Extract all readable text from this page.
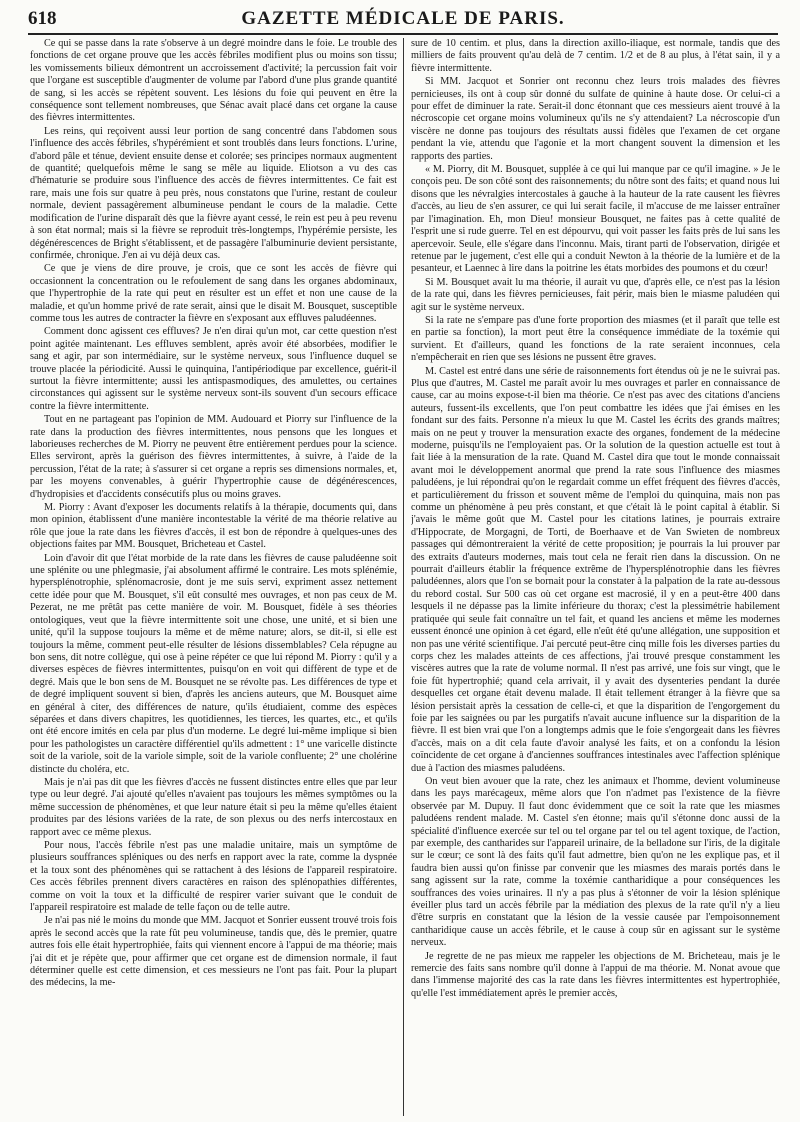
618	GAZETTE MÉDICALE DE PARIS.

Ce qui se passe dans la rate s'observe à un degré moindre dans le foie. Le trouble des fonctions de cet organe prouve que les accès fébriles modifient plus ou moins son tissu; les vomissements bilieux démontrent un accroissement d'activité; la percussion fait voir que l'organe est susceptible d'augmenter de volume par l'abord d'une plus grande quantité de sang, si les accès se répètent souvent. Les lésions du foie qui peuvent en être la conséquence sont tellement nombreuses, que Sénac avait placé dans cet organe la cause des fièvres intermittentes.

Les reins, qui reçoivent aussi leur portion de sang concentré dans l'abdomen sous l'influence des accès fébriles, s'hypérémient et sont troublés dans leurs fonctions. L'urine, d'abord pâle et ténue, devient ensuite dense et colorée; ses principes normaux augmentent de quantité; quelquefois même le sang se mêle au liquide. Eliotson a vu des cas d'hématurie se produire sous l'influence des accès de fièvres intermittentes. Ce fait est rare, mais une fois sur quatre à peu près, nous constatons que l'urine, restant de couleur normale, devient passagèrement albumineuse pendant le cours de la maladie. Cette modification de l'urine disparaît dès que la fièvre ayant cessé, le rein est peu à peu revenu à son état normal; mais si la fièvre se reproduit très-longtemps, l'hypérémie persiste, les dégénérescences de Bright s'établissent, et de passagère l'albuminurie devient persistante, confirmée, chronique. J'en ai vu déjà deux cas.

Ce que je viens de dire prouve, je crois, que ce sont les accès de fièvre qui occasionnent la concentration ou le refoulement de sang dans les organes abdominaux, que l'hypertrophie de la rate qui peut en résulter est un effet et non une cause de la maladie, et qu'un homme privé de rate serait, ainsi que le disait M. Bousquet, susceptible comme tous les autres de contracter la fièvre en s'exposant aux effluves paludéennes.

Comment donc agissent ces effluves? Je n'en dirai qu'un mot, car cette question n'est point agitée maintenant. Les effluves semblent, après avoir été absorbées, modifier le sang et agir, par son intermédiaire, sur le système nerveux, sous l'influence duquel se trouve placée la périodicité. Aussi le quinquina, l'antipériodique par excellence, guérit-il surtout la fièvre intermittente; aussi les antispasmodiques, des amulettes, ou certaines circonstances qui agissent sur le système nerveux sont-ils souvent d'un secours efficace contre la fièvre intermittente.

Tout en ne partageant pas l'opinion de MM. Audouard et Piorry sur l'influence de la rate dans la production des fièvres intermittentes, nous pensons que les longues et laborieuses recherches de M. Piorry ne peuvent être entièrement perdues pour la science. Elles serviront, après la guérison des fièvres intermittentes, à suivre, à l'aide de la percussion, l'état de la rate; à s'assurer si cet organe a repris ses dimensions normales, et, par les moyens convenables, à guérir l'hypertrophie cause de dégénérescences, d'hydropisies et d'accidents consécutifs plus ou moins graves.

M. Piorry : Avant d'exposer les documents relatifs à la thérapie, documents qui, dans mon opinion, établissent d'une manière incontestable la vérité de ma théorie relative au rôle que joue la rate dans les fièvres d'accès, il est bon de répondre à quelques-unes des objections faites par MM. Bousquet, Bricheteau et Castel.

Loin d'avoir dit que l'état morbide de la rate dans les fièvres de cause paludéenne soit une splénite ou une phlegmasie, j'ai absolument affirmé le contraire. Les mots splénémie, hypersplénotrophie, splénomacrosie, dont je me suis servi, expriment assez nettement cette idée pour que M. Bousquet, s'il eût consulté mes ouvrages, et non pas ceux de M. Pezerat, ne me prêtât pas cette manière de voir. M. Bousquet, fidèle à ses théories ontologiques, veut que la fièvre intermittente soit une chose, une unité, et si bien une unité, qu'il la suppose toujours la même et de même nature; alors, se dit-il, si elle est toujours la même, comment peut-elle résulter de lésions dissemblables? Cela répugne au bon sens, dit notre collègue, qui ose à peine répéter ce que lui répond M. Piorry : qu'il y a diverses espèces de fièvres intermittentes, puisqu'on en voit qui diffèrent de type et de degré. Mais que le bon sens de M. Bousquet ne se révolte pas. Les différences de type et de degré impliquent souvent si bien, d'après les anciens auteurs, que M. Bousquet aime en général à citer, des différences de nature, qu'ils étudiaient, comme des espèces séparées et dans divers chapitres, les quotidiennes, les tierces, les quartes, etc., et qu'ils ont été encore imités en cela par plus d'un moderne. Le degré lui-même implique si bien pour les pathologistes un caractère différentiel qu'ils admettent : 1° une varicelle distincte soit de la variole, soit de la variole simple, soit de la variole confluente; 2° une cholérine distincte du choléra, etc.

Mais je n'ai pas dit que les fièvres d'accès ne fussent distinctes entre elles que par leur type ou leur degré. J'ai ajouté qu'elles n'avaient pas toujours les mêmes symptômes ou la même succession de phénomènes, et que leur nature était si peu la même qu'elles étaient produites par des lésions variées de la rate, de son plexus ou des nerfs intercostaux en rapport avec ce même plexus.

Pour nous, l'accès fébrile n'est pas une maladie unitaire, mais un symptôme de plusieurs souffrances spléniques ou des nerfs en rapport avec la rate, comme la dyspnée et la toux sont des phénomènes qui se rattachent à des lésions de l'appareil respiratoire. Ces accès fébriles prennent divers caractères en raison des splénopathies différentes, comme on voit la toux et la difficulté de respirer varier suivant que le conduit de l'appareil respiratoire est malade de telle façon ou de telle autre.

Je n'ai pas nié le moins du monde que MM. Jacquot et Sonrier eussent trouvé trois fois après le second accès que la rate fût peu volumineuse, tandis que, dès le premier, quatre autres fois elle était hypertrophiée, faits qui viennent encore à l'appui de ma théorie; mais j'ai dit et je répète que, pour affirmer que cet organe est de dimension normale, il faut déterminer quelle est cette dimension, et ces messieurs ne l'ont pas fait. Pour la plupart des médecins, la me-

sure de 10 centim. et plus, dans la direction axillo-iliaque, est normale, tandis que des milliers de faits prouvent qu'au delà de 7 centim. 1/2 et de 8 au plus, à l'état sain, il y a fièvre intermittente.

Si MM. Jacquot et Sonrier ont reconnu chez leurs trois malades des fièvres pernicieuses, ils ont à coup sûr donné du sulfate de quinine à haute dose. Or celui-ci a pour effet de diminuer la rate. Serait-il donc étonnant que ces messieurs aient trouvé à la nécroscopie cet organe moins volumineux qu'ils ne s'y attendaient? La nécroscopie d'un viscère ne donne pas toujours des résultats aussi fidèles que l'examen de cet organe pendant la vie, attendu que l'agonie et la mort changent souvent la dimension et les rapports des parties.

« M. Piorry, dit M. Bousquet, supplée à ce qui lui manque par ce qu'il imagine. » Je le conçois peu. De son côté sont des raisonnements; du nôtre sont des faits; et quand nous lui disons que les névralgies intercostales à gauche à la hauteur de la rate causent les fièvres d'accès, au lieu de s'en assurer, ce qui lui serait facile, il m'accuse de me laisser entraîner par l'imagination. Eh, mon Dieu! monsieur Bousquet, ne faites pas à cette qualité de l'esprit une si rude guerre. Tel en est dépourvu, qui voit passer les faits près de lui sans les apercevoir. Seule, elle s'égare dans l'inconnu. Mais, tirant parti de l'observation, dirigée et retenue par le jugement, c'est elle qui a conduit Newton à la théorie de la lumière et de la pesanteur, et Laennec à lire dans la poitrine les états morbides des poumons et du cœur!

Si M. Bousquet avait lu ma théorie, il aurait vu que, d'après elle, ce n'est pas la lésion de la rate qui, dans les fièvres pernicieuses, fait périr, mais bien le miasme paludéen qui agit sur le système nerveux.

Si la rate ne s'empare pas d'une forte proportion des miasmes (et il paraît que telle est en partie sa fonction), la mort peut être la conséquence immédiate de la toxémie qui survient. Et d'ailleurs, quand les fonctions de la rate seraient inconnues, cela n'empêcherait en rien que ses lésions ne pussent être graves.

M. Castel est entré dans une série de raisonnements fort étendus où je ne le suivrai pas. Plus que d'autres, M. Castel me paraît avoir lu mes ouvrages et parler en connaissance de cause, car au moins expose-t-il bien ma théorie. Ce n'est pas avec des citations d'anciens auteurs, fussent-ils excellents, que l'on peut combattre les idées que j'ai émises en les fondant sur des faits. Personne n'a mieux lu que M. Castel les écrits des grands maîtres; mais on ne peut y trouver la mensuration exacte des organes, fondement de la médecine moderne, puisqu'ils ne l'employaient pas. Or la solution de la question actuelle est tout à fait liée à la mensuration de la rate. Quand M. Castel dira que tout le monde connaissait avant moi le développement anormal que prend la rate sous l'influence des miasmes paludéens, je lui répondrai qu'on le regardait comme un effet fréquent des fièvres d'accès, et particulièrement du frisson et souvent même de l'emploi du quinquina, mais non pas comme un phénomène à peu près constant, et que c'était là le point capital à établir. Si j'avais le même goût que M. Castel pour les citations latines, je pourrais extraire d'Hippocrate, de Morgagni, de Torti, de Boerhaave et de Van Swieten de nombreux passages qui démontreraient la vérité de cette proposition; je pourrais la lui prouver par des extraits d'auteurs modernes, mais tout cela ne ferait rien dans la discussion. On ne pourrait d'ailleurs établir la fréquence extrême de l'hypersplénotrophie dans les fièvres paludéennes, alors que l'on se bornait pour la constater à la palpation de la rate au-dessous du rebord costal. Sur 500 cas où cet organe est macrosié, il y en a peut-être 400 dans lesquels il ne dépasse pas la limite inférieure du thorax; c'est la plessimétrie habilement pratiquée qui seule fait connaître un tel fait, et quand les anciens et même les modernes eussent énoncé une opinion à cet égard, elle n'eût été qu'une allégation, une supposition et non pas une vérité scientifique. J'ai percuté peut-être cinq mille fois les diverses parties du corps chez les malades atteints de ces affections, j'ai trouvé presque constamment les viscères autres que la rate de volume normal. Il n'est pas arrivé, une fois sur vingt, que le foie fût hypertrophié; quand cela arrivait, il y avait des dysenteries pendant la durée desquelles cet organe était devenu malade. Il était tellement étranger à la fièvre que sa lésion persistait après la cessation de celle-ci, et que la disparition de l'engorgement du foie par les saignées ou par les purgatifs n'avait aucune influence sur la disparition de la fièvre. Il est bien vrai que l'on a longtemps admis que le foie s'engorgeait dans les fièvres d'accès, mais on a dit cela faute d'avoir analysé les faits, et on a confondu la lésion coïncidente de cet organe à d'anciennes souffrances intestinales avec l'affection splénique due à l'action des miasmes paludéens.

On veut bien avouer que la rate, chez les animaux et l'homme, devient volumineuse dans les pays marécageux, même alors que l'on n'admet pas l'existence de la fièvre observée par M. Dupuy. Il faut donc évidemment que ce soit la rate que les miasmes paludéens rendent malade. M. Castel s'en étonne; mais qu'il s'étonne donc aussi de la spécialité d'influence exercée sur tel ou tel organe par tel ou tel agent toxique, de l'action, par exemple, des cantharides sur l'appareil urinaire, de la belladone sur l'iris, de la digitale sur le cœur; ce sont là des faits qu'il faut admettre, bien qu'on ne les explique pas, et il faudra bien aussi qu'on finisse par convenir que les miasmes des marais portés dans le sang agissent sur la rate, comme la toxémie cantharidique a pour conséquences les souffrances des voies urinaires. Il n'y a pas plus à s'étonner de voir la lésion splénique éveiller plus tard un accès fébrile par la médiation des plexus de la rate qu'il n'y a lieu d'être surpris en constatant que la lésion de la vessie causée par l'empoisonnement cantharidique cause un accès fébrile, et le cause à coup sûr en agissant sur le système nerveux.

Je regrette de ne pas mieux me rappeler les objections de M. Bricheteau, mais je le remercie des faits sans nombre qu'il donne à l'appui de ma théorie. M. Nonat avoue que dans l'immense majorité des cas la rate dans les fièvres intermittentes est hypertrophiée, qu'elle l'est immédiatement après le premier accès,
